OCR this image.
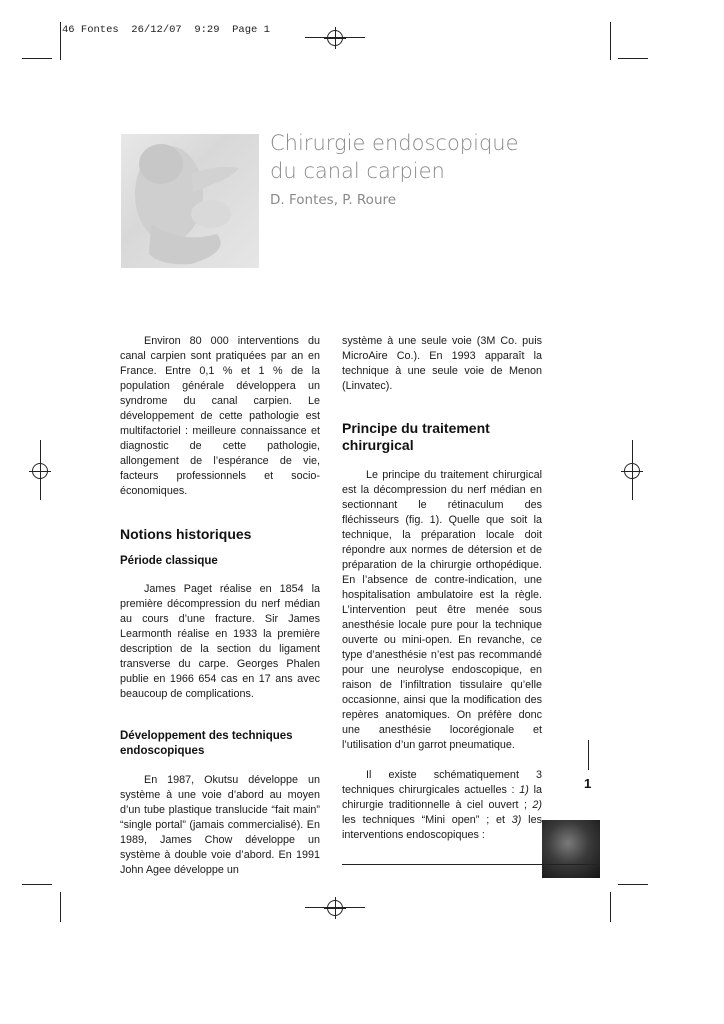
46 Fontes  26/12/07  9:29  Page 1
Chirurgie endoscopique
du canal carpien
D. Fontes, P. Roure

Environ 80 000 interventions du canal carpien sont pratiquées par an en France. Entre 0,1 % et 1 % de la population générale développera un syndrome du canal carpien. Le développement de cette pathologie est multifactoriel : meilleure connaissance et diagnostic de cette pathologie, allongement de l’espérance de vie, facteurs professionnels et socio-économiques.

Notions historiques
Période classique

James Paget réalise en 1854 la première décompression du nerf médian au cours d’une fracture. Sir James Learmonth réalise en 1933 la première description de la section du ligament transverse du carpe. Georges Phalen publie en 1966 654 cas en 17 ans avec beaucoup de complications.

Développement des techniques endoscopiques

En 1987, Okutsu développe un système à une voie d’abord au moyen d’un tube plastique translucide “fait main” “single portal” (jamais commercialisé). En 1989, James Chow développe un système à double voie d’abord. En 1991 John Agee développe un

système à une seule voie (3M Co. puis MicroAire Co.). En 1993 apparaît la technique à une seule voie de Menon (Linvatec).

Principe du traitement chirurgical

Le principe du traitement chirurgical est la décompression du nerf médian en sectionnant le rétinaculum des fléchisseurs (fig. 1). Quelle que soit la technique, la préparation locale doit répondre aux normes de détersion et de préparation de la chirurgie orthopédique. En l’absence de contre-indication, une hospitalisation ambulatoire est la règle. L’intervention peut être menée sous anesthésie locale pure pour la technique ouverte ou mini-open. En revanche, ce type d’anesthésie n’est pas recommandé pour une neurolyse endoscopique, en raison de l’infiltration tissulaire qu’elle occasionne, ainsi que la modification des repères anatomiques. On préfère donc une anesthésie locorégionale et l’utilisation d’un garrot pneumatique.

Il existe schématiquement 3 techniques chirurgicales actuelles : 1) la chirurgie traditionnelle à ciel ouvert ; 2) les techniques “Mini open” ; et 3) les interventions endoscopiques :

1
